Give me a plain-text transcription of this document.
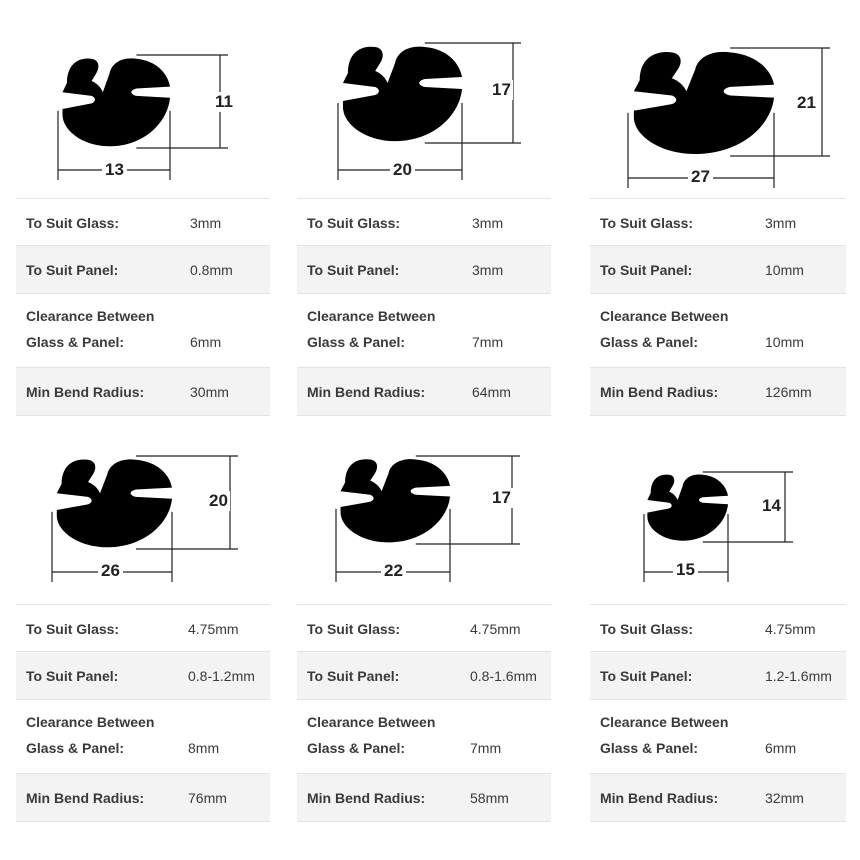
To Suit Glass:	3mm
To Suit Panel:	0.8mm
Clearance Between
Glass & Panel:	6mm
Min Bend Radius:	30mm
To Suit Glass:	3mm
To Suit Panel:	3mm
Clearance Between
Glass & Panel:	7mm
Min Bend Radius:	64mm
To Suit Glass:	3mm
To Suit Panel:	10mm
Clearance Between
Glass & Panel:	10mm
Min Bend Radius:	126mm
To Suit Glass:	4.75mm
To Suit Panel:	0.8-1.2mm
Clearance Between
Glass & Panel:	8mm
Min Bend Radius:	76mm
To Suit Glass:	4.75mm
To Suit Panel:	0.8-1.6mm
Clearance Between
Glass & Panel:	7mm
Min Bend Radius:	58mm
To Suit Glass:	4.75mm
To Suit Panel:	1.2-1.6mm
Clearance Between
Glass & Panel:	6mm
Min Bend Radius:	32mm
11
13
17
20
21
27
20
26
17
22
14
15
